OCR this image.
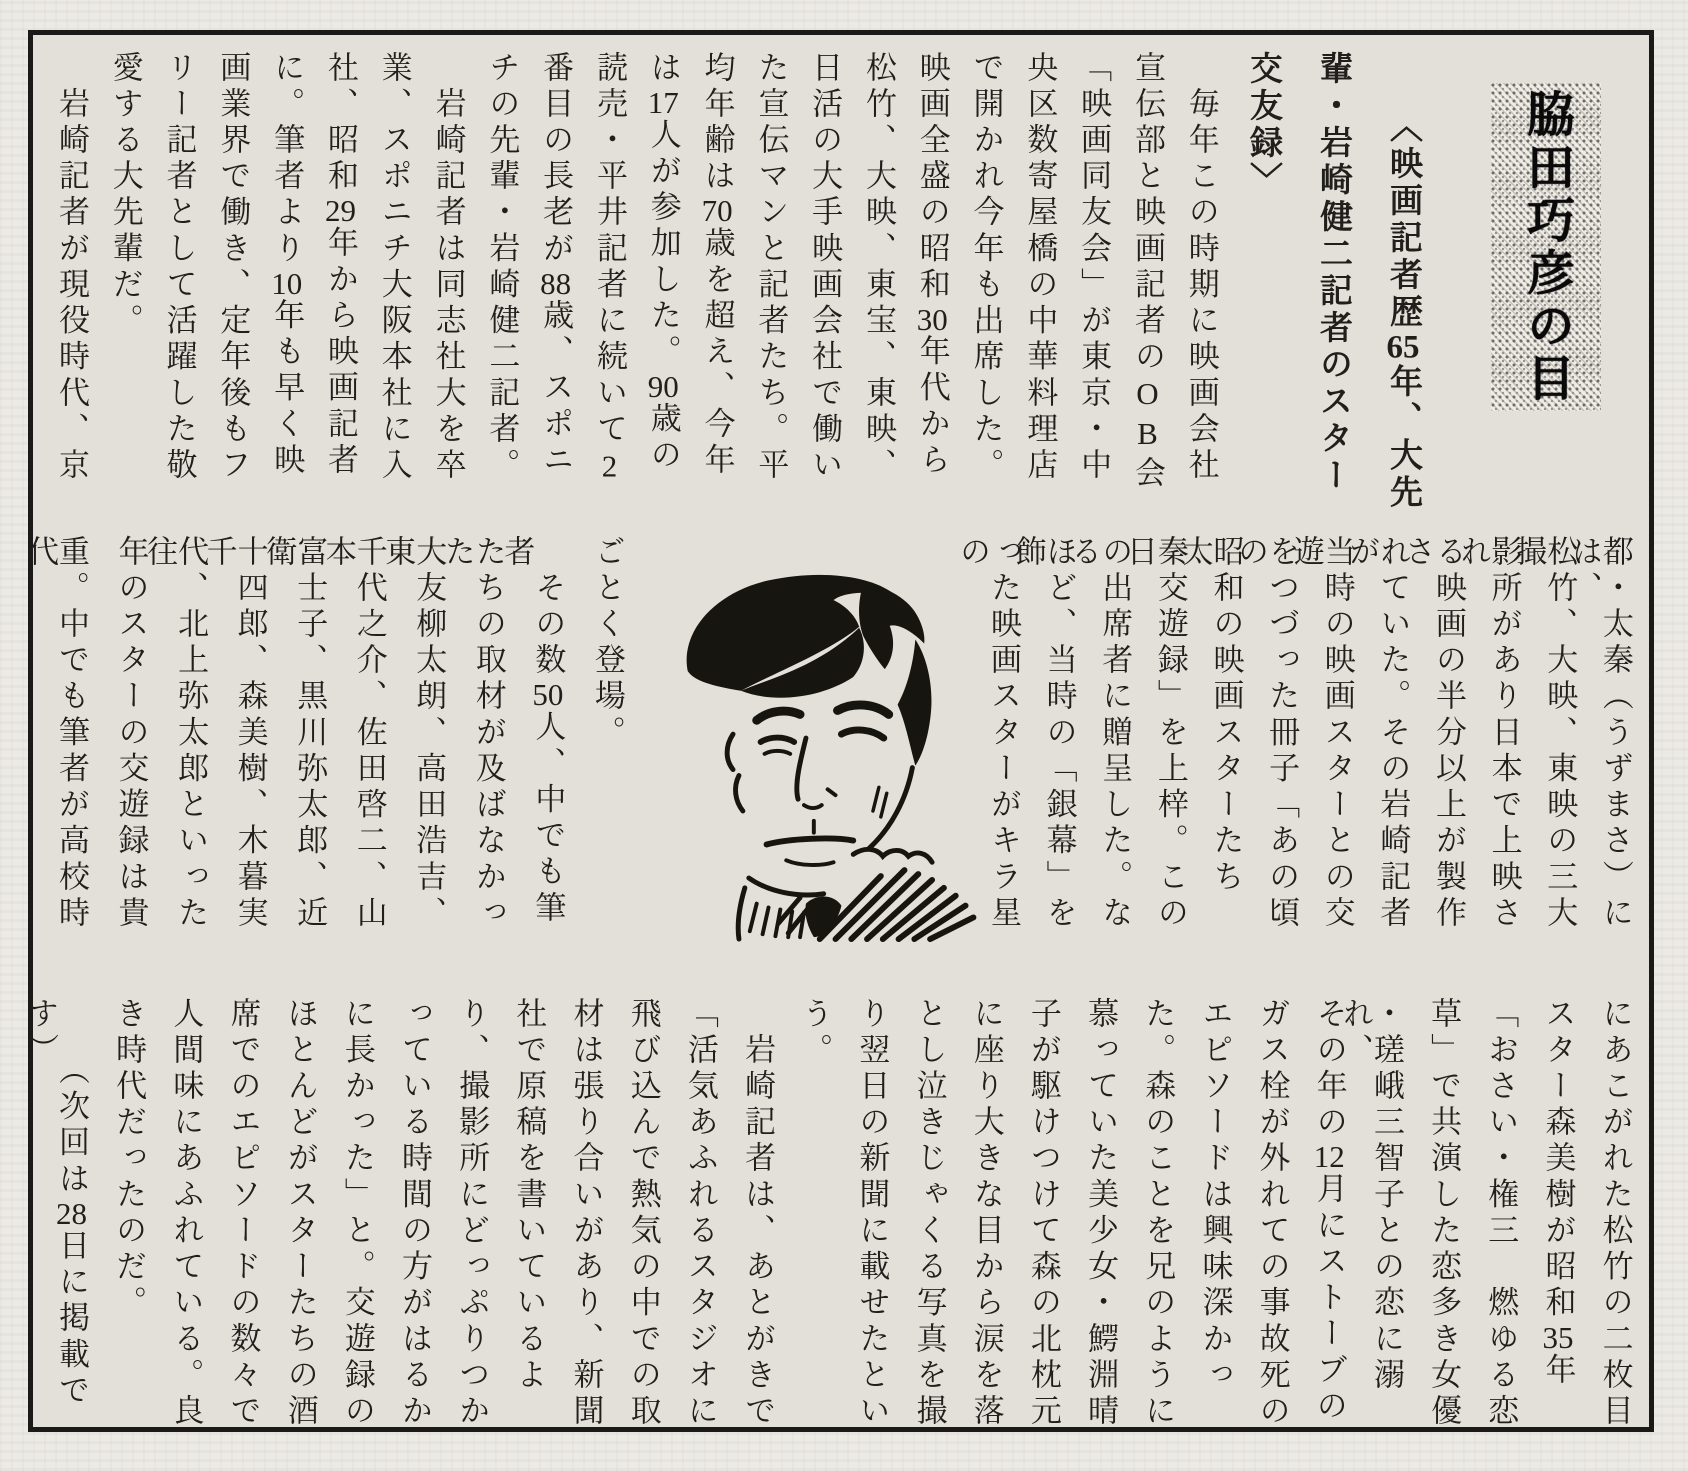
脇田巧彦の目
〈映画記者歴65年、大先
輩・岩崎健二記者のスター
交友録〉
　毎年この時期に映画会社
宣伝部と映画記者のOB会
「映画同友会」が東京・中
央区数寄屋橋の中華料理店
で開かれ今年も出席した。
映画全盛の昭和30年代から
松竹、大映、東宝、東映、
日活の大手映画会社で働い
た宣伝マンと記者たち。平
均年齢は70歳を超え、今年
は17人が参加した。90歳の
読売・平井記者に続いて2
番目の長老が88歳、スポニ
チの先輩・岩崎健二記者。
　岩崎記者は同志社大を卒
業、スポニチ大阪本社に入
社、昭和29年から映画記者
に。筆者より10年も早く映
画業界で働き、定年後もフ
リー記者として活躍した敬
愛する大先輩だ。
　岩崎記者が現役時代、京
都・太秦（うずまさ）には、
松竹、大映、東映の三大撮
影所があり日本で上映され
る映画の半分以上が製作さ
れていた。その岩崎記者が
当時の映画スターとの交遊
をつづった冊子「あの頃の
昭和の映画スターたち　太
秦交遊録」を上梓。この日
の出席者に贈呈した。なる
ほど、当時の「銀幕」を飾
った映画スターがキラ星の
ごとく登場。
　その数50人、中でも筆者
たちの取材が及ばなかった
大友柳太朗、高田浩吉、東
千代之介、佐田啓二、山本
富士子、黒川弥太郎、近衛
十四郎、森美樹、木暮実千
代、北上弥太郎といった往
年のスターの交遊録は貴
重。中でも筆者が高校時代
にあこがれた松竹の二枚目
スター森美樹が昭和35年
「おさい・権三　燃ゆる恋
草」で共演した恋多き女優
・瑳峨三智子との恋に溺れ、
その年の12月にストーブの
ガス栓が外れての事故死の
エピソードは興味深かっ
た。森のことを兄のように
慕っていた美少女・鰐淵晴
子が駆けつけて森の北枕元
に座り大きな目から涙を落
とし泣きじゃくる写真を撮
り翌日の新聞に載せたとい
う。
　岩崎記者は、あとがきで
「活気あふれるスタジオに
飛び込んで熱気の中での取
材は張り合いがあり、新聞
社で原稿を書いているよ
り、撮影所にどっぷりつか
っている時間の方がはるか
に長かった」と。交遊録の
ほとんどがスターたちの酒
席でのエピソードの数々で
人間味にあふれている。良
き時代だったのだ。
　　（次回は28日に掲載です）
